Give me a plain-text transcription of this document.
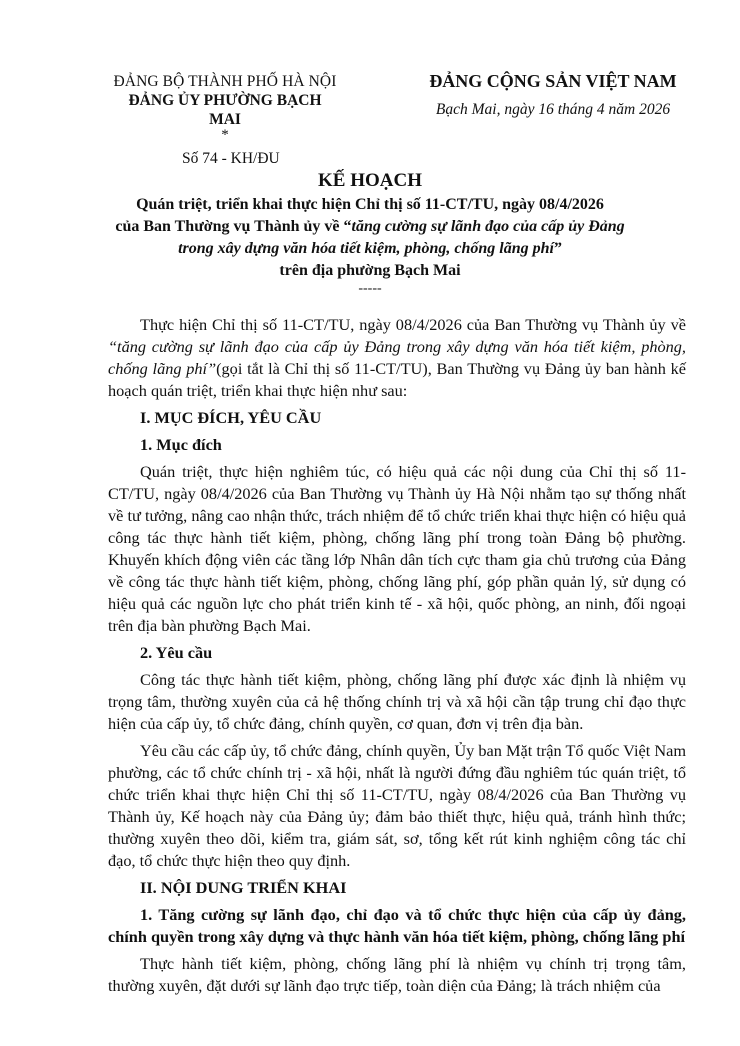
ĐẢNG BỘ THÀNH PHỐ HÀ NỘI
ĐẢNG ỦY PHƯỜNG BẠCH MAI
*
Số 74 - KH/ĐU
ĐẢNG CỘNG SẢN VIỆT NAM
Bạch Mai, ngày 16 tháng 4 năm 2026
KẾ HOẠCH
Quán triệt, triển khai thực hiện Chỉ thị số 11-CT/TU, ngày 08/4/2026
của Ban Thường vụ Thành ủy về “tăng cường sự lãnh đạo của cấp ủy Đảng
trong xây dựng văn hóa tiết kiệm, phòng, chống lãng phí”
trên địa phường Bạch Mai
-----

Thực hiện Chỉ thị số 11-CT/TU, ngày 08/4/2026 của Ban Thường vụ Thành ủy về “tăng cường sự lãnh đạo của cấp ủy Đảng trong xây dựng văn hóa tiết kiệm, phòng, chống lãng phí”(gọi tắt là Chỉ thị số 11-CT/TU), Ban Thường vụ Đảng ủy ban hành kế hoạch quán triệt, triển khai thực hiện như sau:

I. MỤC ĐÍCH, YÊU CẦU

1. Mục đích

Quán triệt, thực hiện nghiêm túc, có hiệu quả các nội dung của Chỉ thị số 11-CT/TU, ngày 08/4/2026 của Ban Thường vụ Thành ủy Hà Nội nhằm tạo sự thống nhất về tư tưởng, nâng cao nhận thức, trách nhiệm để tổ chức triển khai thực hiện có hiệu quả công tác thực hành tiết kiệm, phòng, chống lãng phí trong toàn Đảng bộ phường. Khuyến khích động viên các tầng lớp Nhân dân tích cực tham gia chủ trương của Đảng về công tác thực hành tiết kiệm, phòng, chống lãng phí, góp phần quản lý, sử dụng có hiệu quả các nguồn lực cho phát triển kinh tế - xã hội, quốc phòng, an ninh, đối ngoại trên địa bàn phường Bạch Mai.

2. Yêu cầu

Công tác thực hành tiết kiệm, phòng, chống lãng phí được xác định là nhiệm vụ trọng tâm, thường xuyên của cả hệ thống chính trị và xã hội cần tập trung chỉ đạo thực hiện của cấp ủy, tổ chức đảng, chính quyền, cơ quan, đơn vị trên địa bàn.

Yêu cầu các cấp ủy, tổ chức đảng, chính quyền, Ủy ban Mặt trận Tổ quốc Việt Nam phường, các tổ chức chính trị - xã hội, nhất là người đứng đầu nghiêm túc quán triệt, tổ chức triển khai thực hiện Chỉ thị số 11-CT/TU, ngày 08/4/2026 của Ban Thường vụ Thành ủy, Kế hoạch này của Đảng ủy; đảm bảo thiết thực, hiệu quả, tránh hình thức; thường xuyên theo dõi, kiểm tra, giám sát, sơ, tổng kết rút kinh nghiệm công tác chỉ đạo, tổ chức thực hiện theo quy định.

II. NỘI DUNG TRIỂN KHAI

1. Tăng cường sự lãnh đạo, chỉ đạo và tổ chức thực hiện của cấp ủy đảng, chính quyền trong xây dựng và thực hành văn hóa tiết kiệm, phòng, chống lãng phí

Thực hành tiết kiệm, phòng, chống lãng phí là nhiệm vụ chính trị trọng tâm, thường xuyên, đặt dưới sự lãnh đạo trực tiếp, toàn diện của Đảng; là trách nhiệm của
